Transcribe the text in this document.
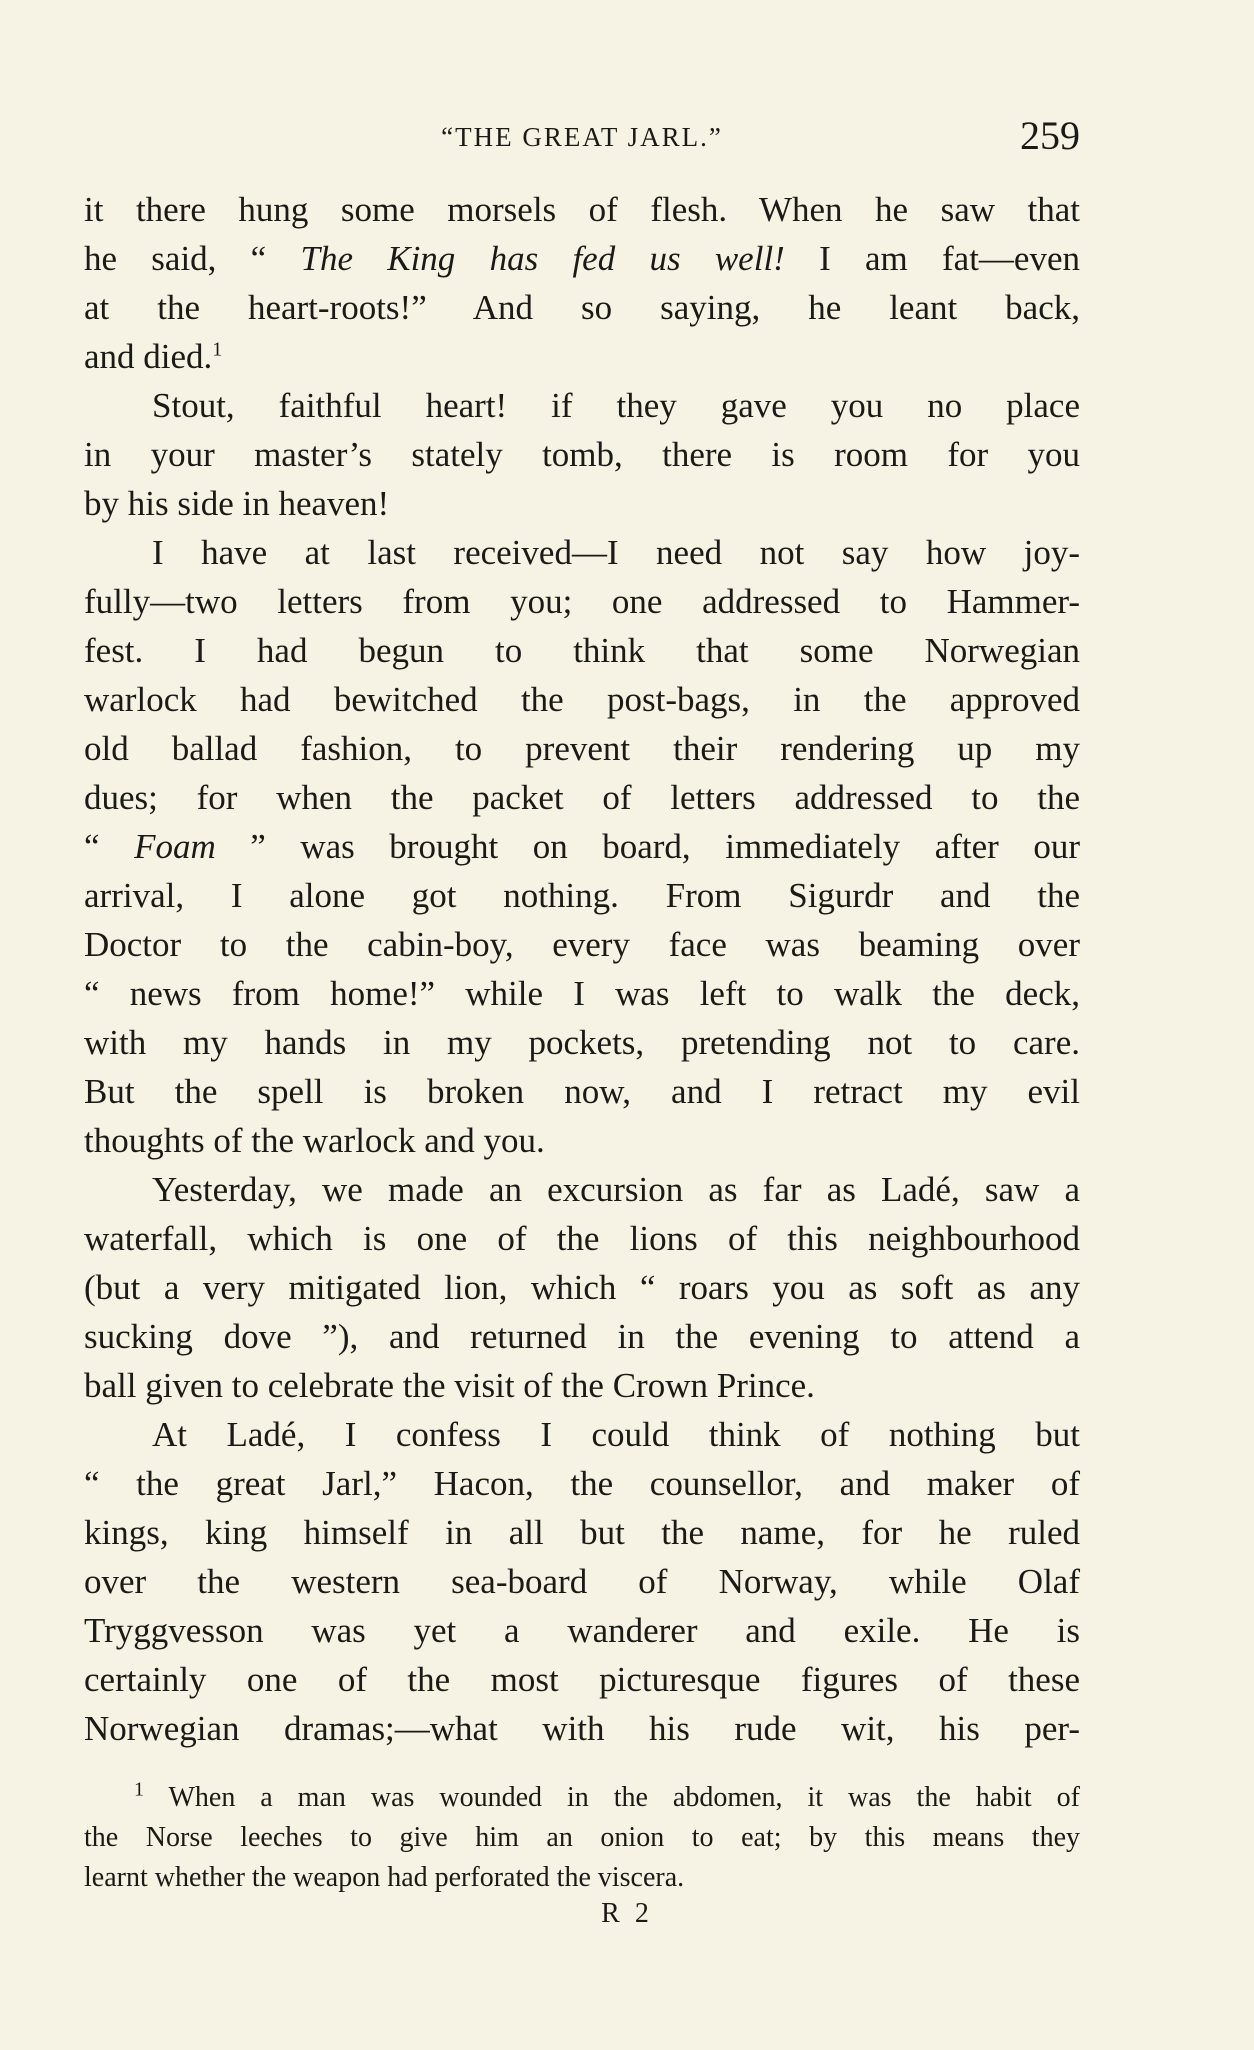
“THE GREAT JARL.”	259
it there hung some morsels of flesh. When he saw that
he said, “ The King has fed us well! I am fat—even
at the heart-roots!” And so saying, he leant back,
and died.$^1$
Stout, faithful heart! if they gave you no place
in your master’s stately tomb, there is room for you
by his side in heaven!
I have at last received—I need not say how joy-
fully—two letters from you; one addressed to Hammer-
fest. I had begun to think that some Norwegian
warlock had bewitched the post-bags, in the approved
old ballad fashion, to prevent their rendering up my
dues; for when the packet of letters addressed to the
“ Foam ” was brought on board, immediately after our
arrival, I alone got nothing. From Sigurdr and the
Doctor to the cabin-boy, every face was beaming over
“ news from home!” while I was left to walk the deck,
with my hands in my pockets, pretending not to care.
But the spell is broken now, and I retract my evil
thoughts of the warlock and you.
Yesterday, we made an excursion as far as Ladé, saw a
waterfall, which is one of the lions of this neighbourhood
(but a very mitigated lion, which “ roars you as soft as any
sucking dove ”), and returned in the evening to attend a
ball given to celebrate the visit of the Crown Prince.
At Ladé, I confess I could think of nothing but
“ the great Jarl,” Hacon, the counsellor, and maker of
kings, king himself in all but the name, for he ruled
over the western sea-board of Norway, while Olaf
Tryggvesson was yet a wanderer and exile. He is
certainly one of the most picturesque figures of these
Norwegian dramas;—what with his rude wit, his per-
$^1$ When a man was wounded in the abdomen, it was the habit of
the Norse leeches to give him an onion to eat; by this means they
learnt whether the weapon had perforated the viscera.
R 2
